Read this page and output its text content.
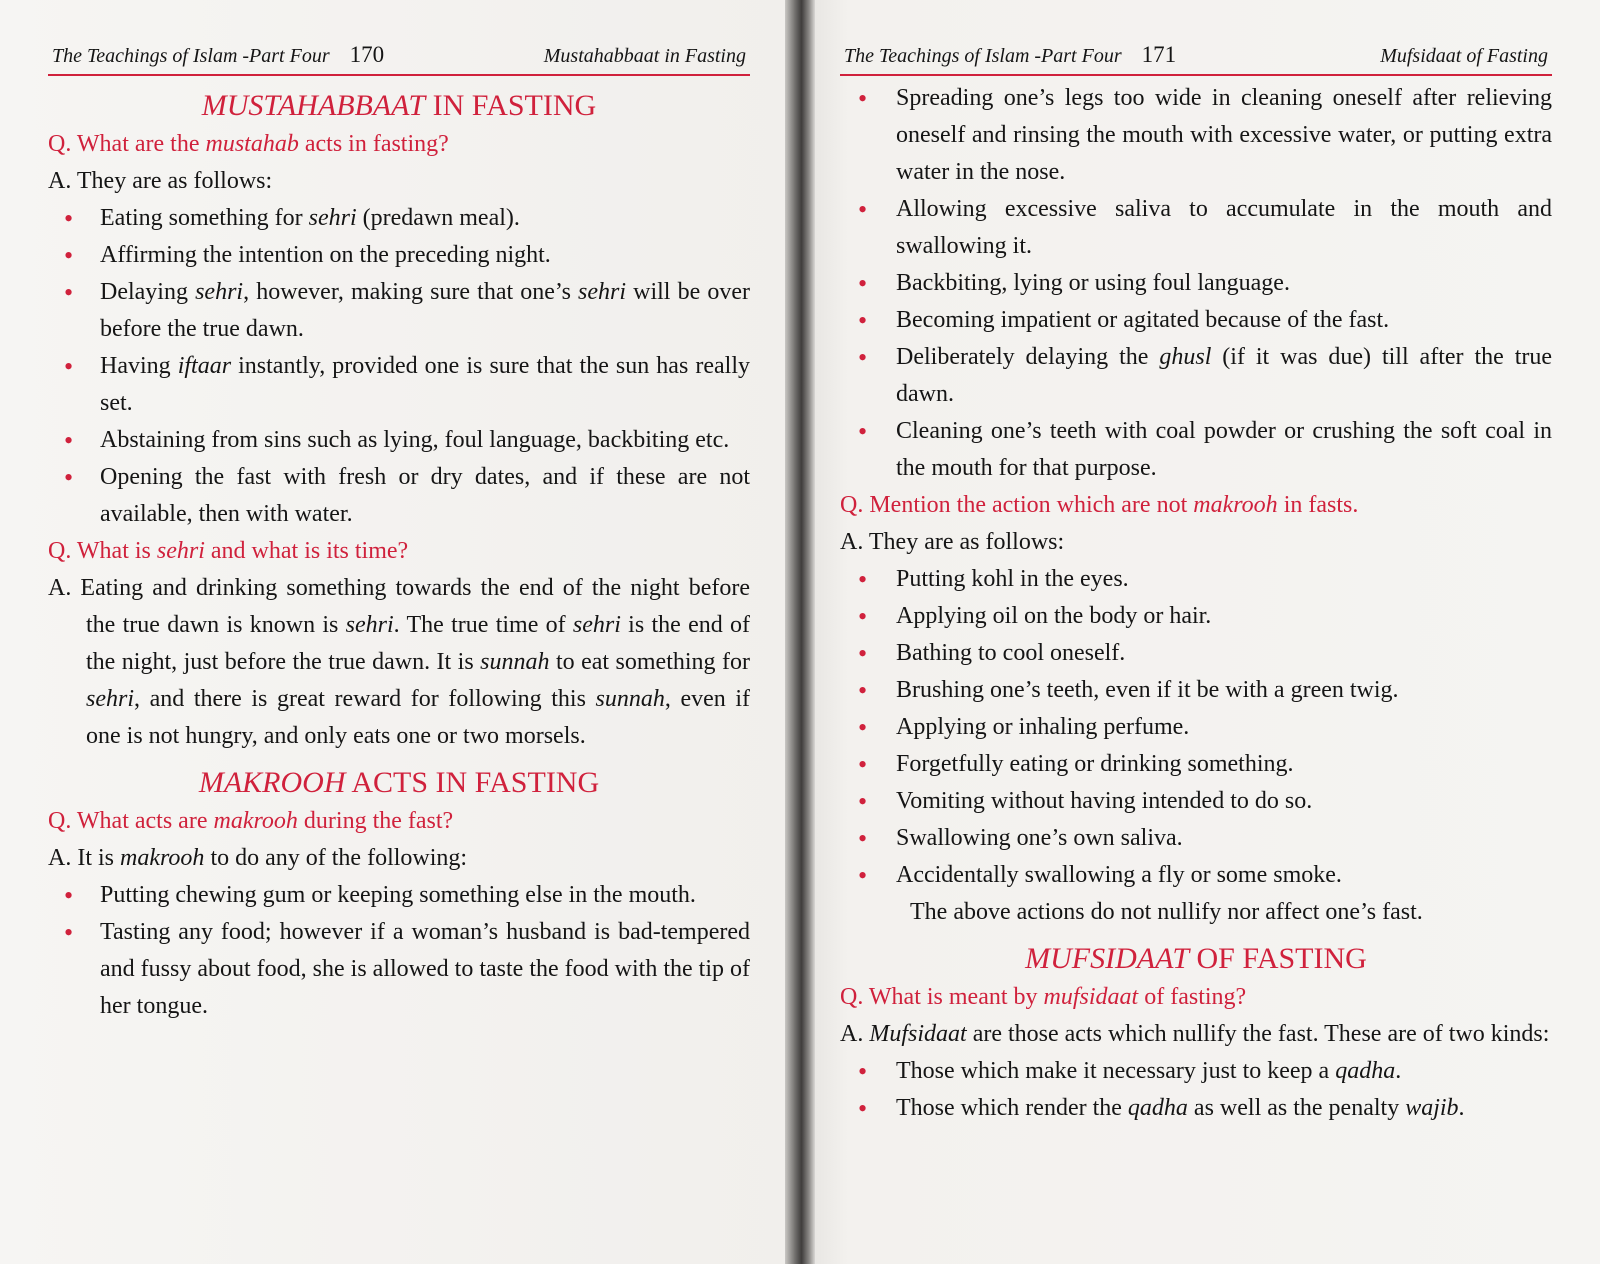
The Teachings of Islam -Part Four 170	Mustahabbaat in Fasting
MUSTAHABBAAT IN FASTING

Q. What are the mustahab acts in fasting?

A. They are as follows:

• Eating something for sehri (predawn meal).

• Affirming the intention on the preceding night.

• Delaying sehri, however, making sure that one’s sehri will be over before the true dawn.

• Having iftaar instantly, provided one is sure that the sun has really set.

• Abstaining from sins such as lying, foul language, backbiting etc.

• Opening the fast with fresh or dry dates, and if these are not available, then with water.

Q. What is sehri and what is its time?

A. Eating and drinking something towards the end of the night before the true dawn is known is sehri. The true time of sehri is the end of the night, just before the true dawn. It is sunnah to eat something for sehri, and there is great reward for following this sunnah, even if one is not hungry, and only eats one or two morsels.

MAKROOH ACTS IN FASTING

Q. What acts are makrooh during the fast?

A. It is makrooh to do any of the following:

• Putting chewing gum or keeping something else in the mouth.

• Tasting any food; however if a woman’s husband is bad-tempered and fussy about food, she is allowed to taste the food with the tip of her tongue.

The Teachings of Islam -Part Four 171	Mufsidaat of Fasting

• Spreading one’s legs too wide in cleaning oneself after relieving oneself and rinsing the mouth with excessive water, or putting extra water in the nose.

• Allowing excessive saliva to accumulate in the mouth and swallowing it.

• Backbiting, lying or using foul language.

• Becoming impatient or agitated because of the fast.

• Deliberately delaying the ghusl (if it was due) till after the true dawn.

• Cleaning one’s teeth with coal powder or crushing the soft coal in the mouth for that purpose.

Q. Mention the action which are not makrooh in fasts.

A. They are as follows:

• Putting kohl in the eyes.

• Applying oil on the body or hair.

• Bathing to cool oneself.

• Brushing one’s teeth, even if it be with a green twig.

• Applying or inhaling perfume.

• Forgetfully eating or drinking something.

• Vomiting without having intended to do so.

• Swallowing one’s own saliva.

• Accidentally swallowing a fly or some smoke.

The above actions do not nullify nor affect one’s fast.

MUFSIDAAT OF FASTING

Q. What is meant by mufsidaat of fasting?

A. Mufsidaat are those acts which nullify the fast. These are of two kinds:

• Those which make it necessary just to keep a qadha.

• Those which render the qadha as well as the penalty wajib.
